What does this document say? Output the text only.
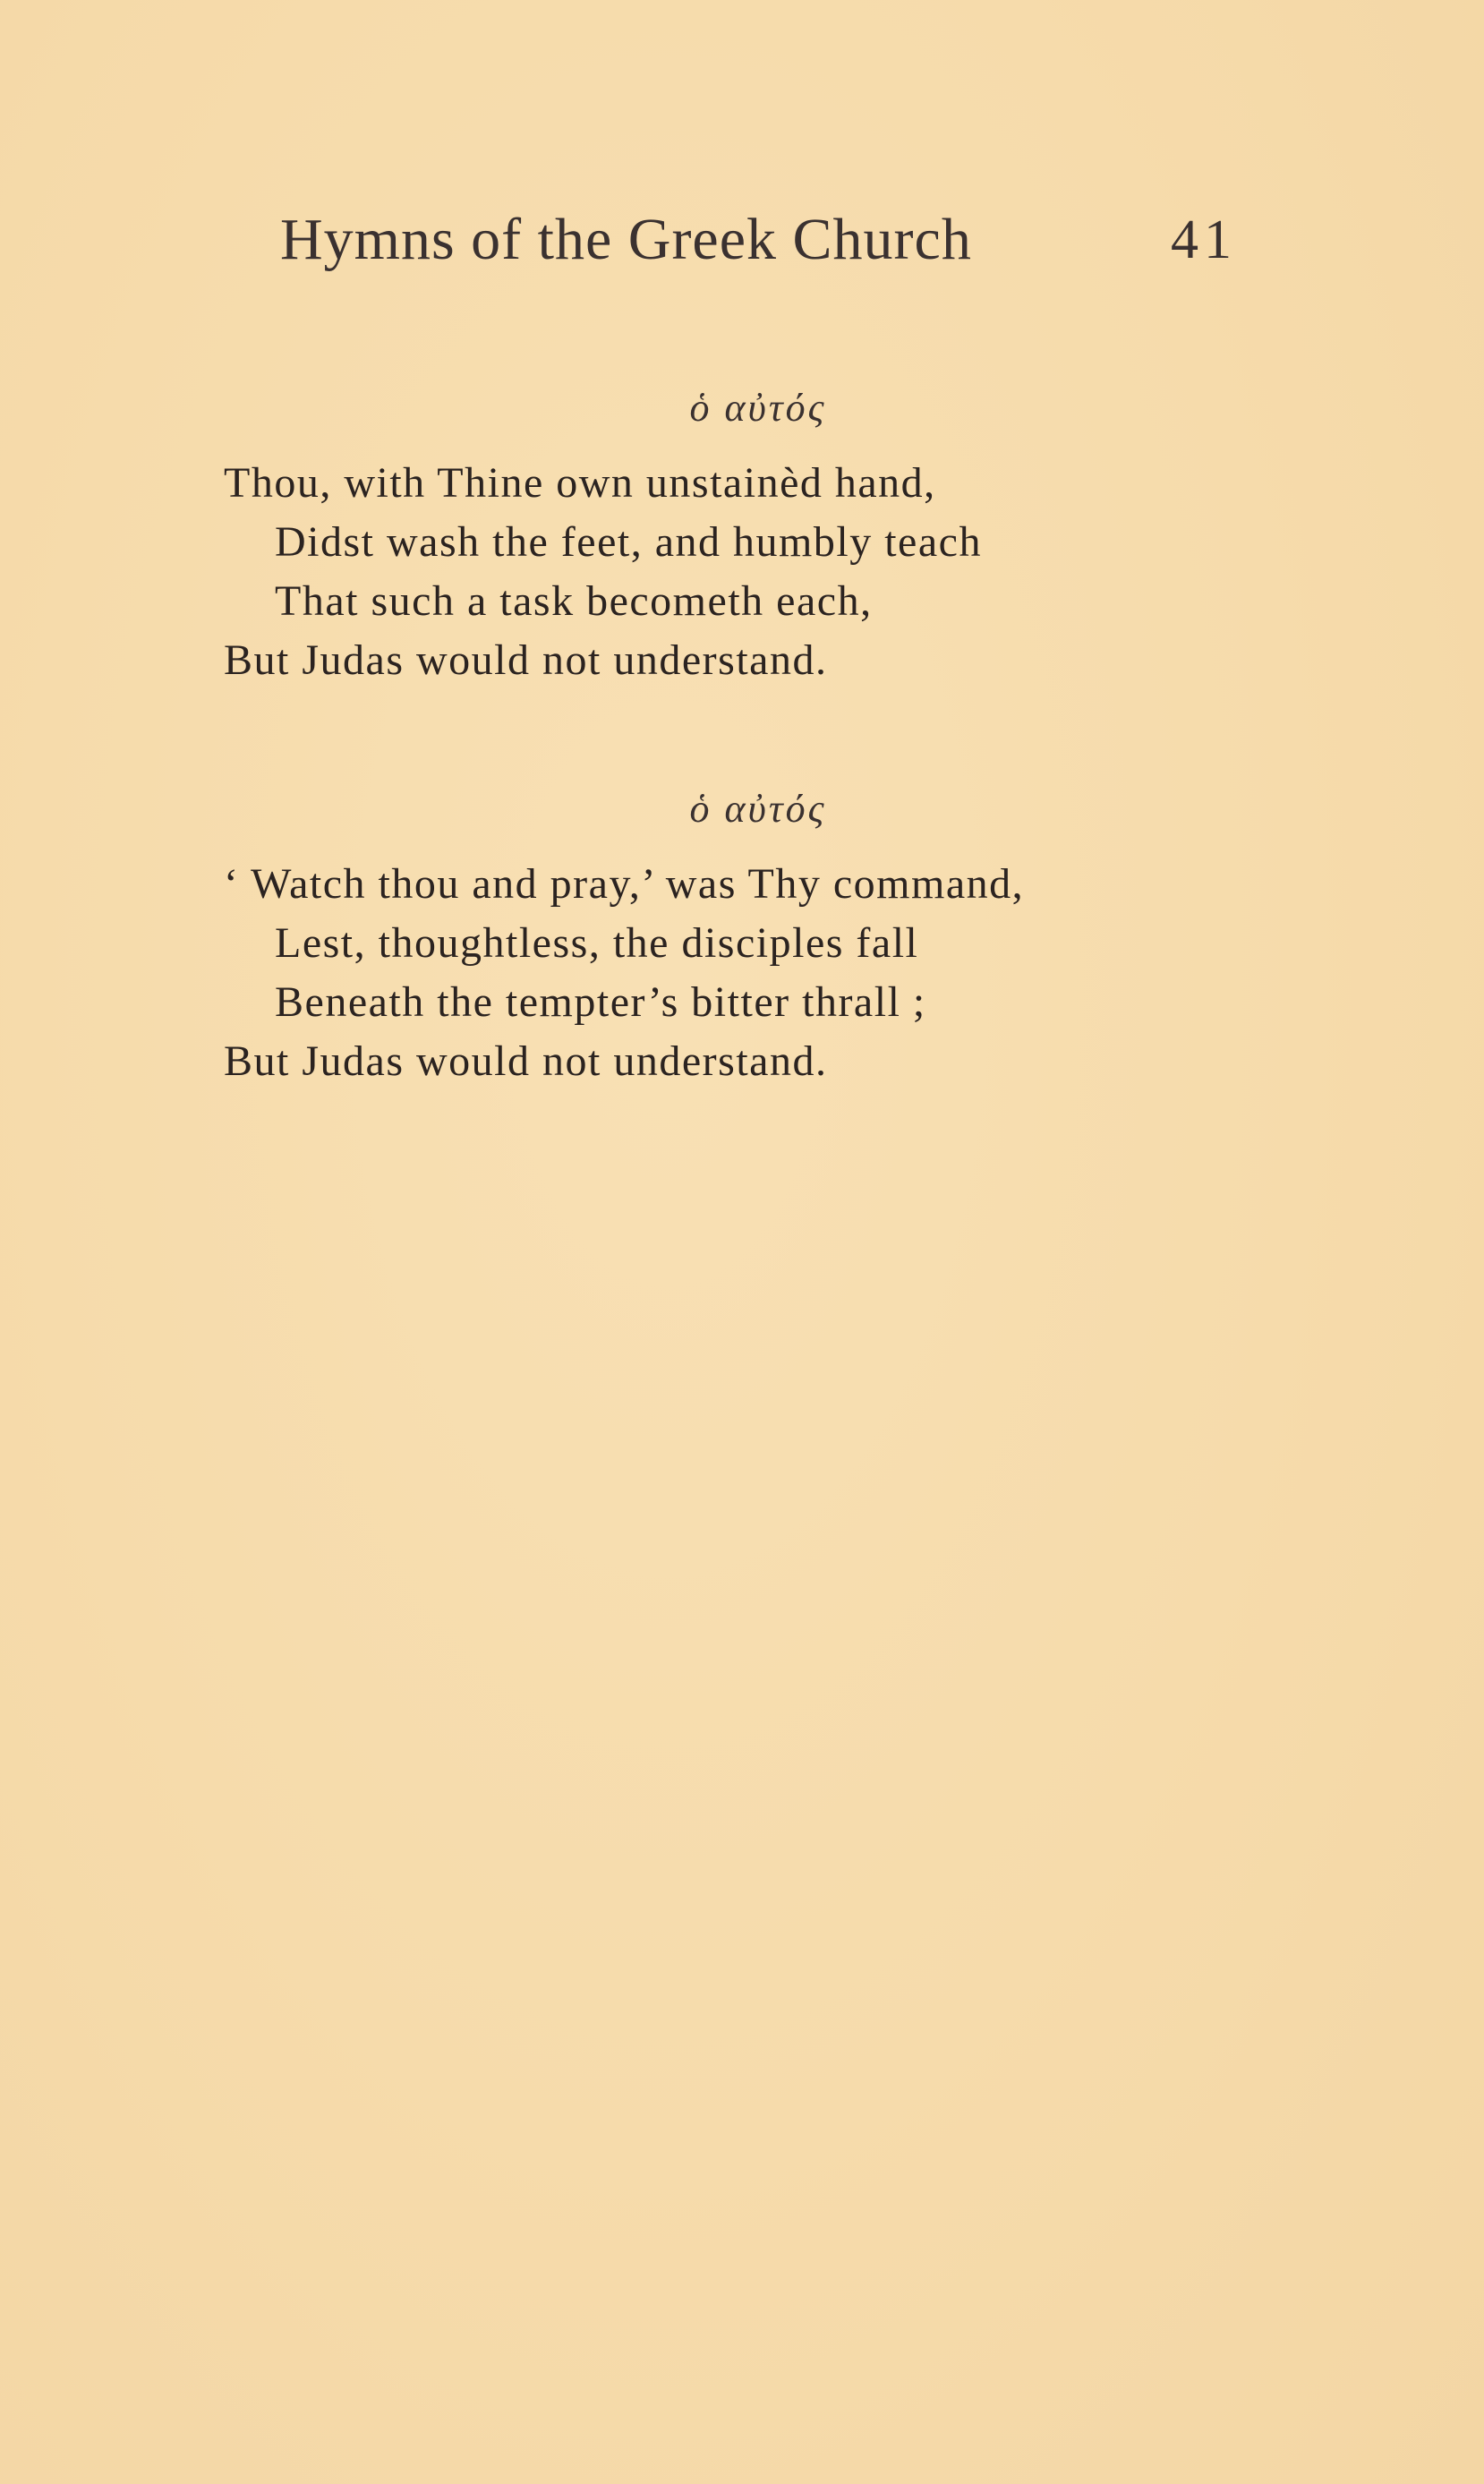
Hymns of the Greek Church	41
ὁ αὐτός
Thou, with Thine own unstainèd hand,
Didst wash the feet, and humbly teach
That such a task becometh each,
But Judas would not understand.
ὁ αὐτός
‘ Watch thou and pray,’ was Thy command,
Lest, thoughtless, the disciples fall
Beneath the tempter’s bitter thrall ;
But Judas would not understand.
